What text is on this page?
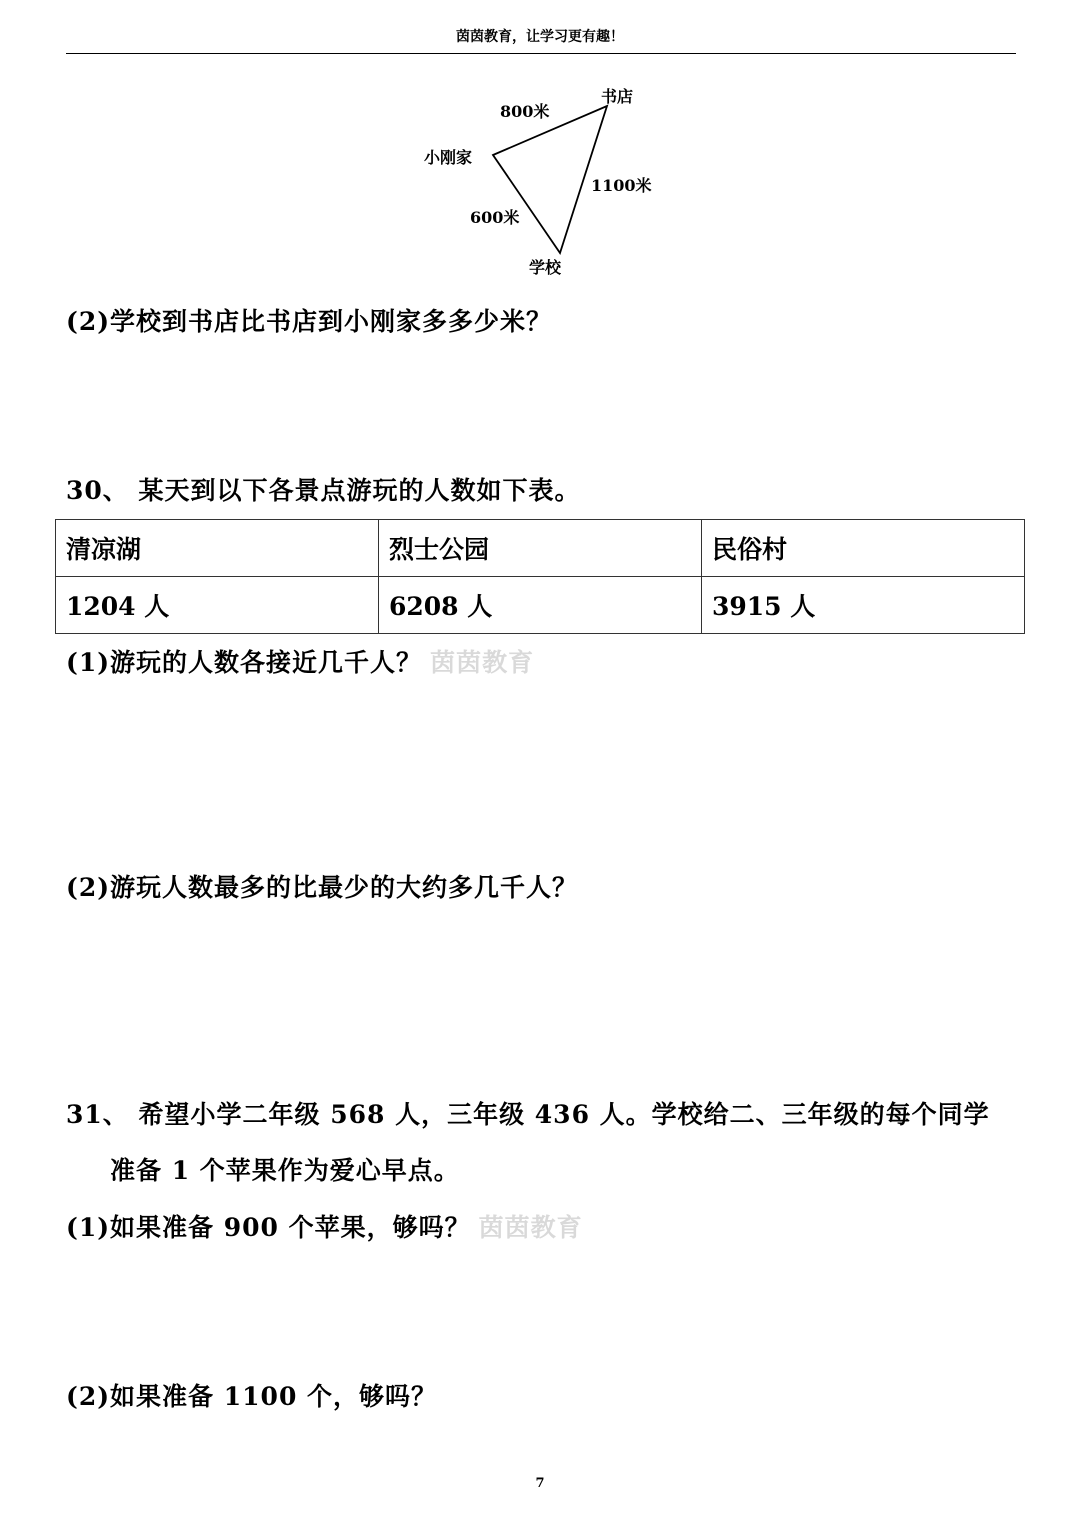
茵茵教育，让学习更有趣！
书店
小刚家
学校
800米
1100米
600米
(2)学校到书店比书店到小刚家多多少米？
30、 某天到以下各景点游玩的人数如下表。
清凉湖	烈士公园	民俗村
1204 人	6208 人	3915 人
(1)游玩的人数各接近几千人？ 茵茵教育
(2)游玩人数最多的比最少的大约多几千人？
31、 希望小学二年级 568 人，三年级 436 人。学校给二、三年级的每个同学
准备 1 个苹果作为爱心早点。
(1)如果准备 900 个苹果，够吗？ 茵茵教育
(2)如果准备 1100 个，够吗？
7
